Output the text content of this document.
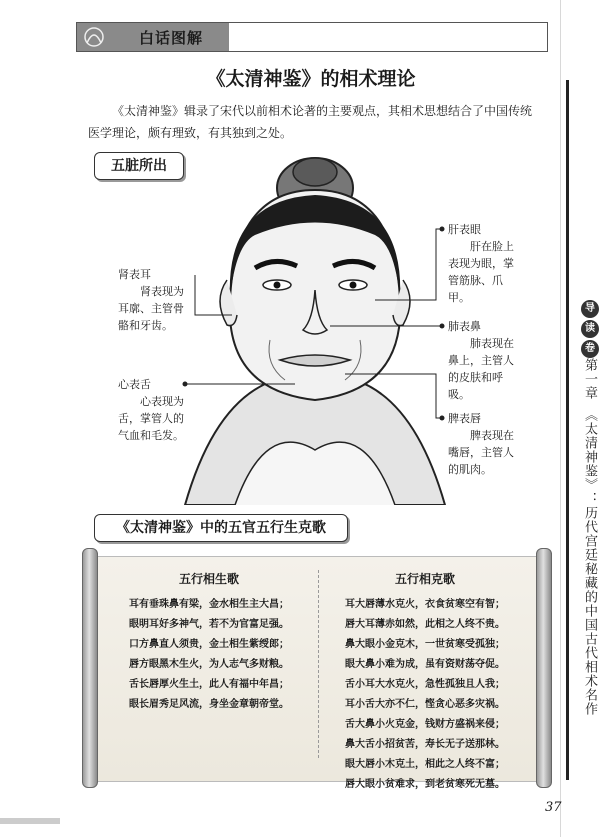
白话图解
《太清神鉴》的相术理论
《太清神鉴》辑录了宋代以前相术论著的主要观点，其相术思想结合了中国传统医学理论，颇有理致，有其独到之处。
五脏所出
肾表耳
肾表现为耳廓、主管骨骼和牙齿。
心表舌
心表现为舌，掌管人的气血和毛发。
肝表眼
肝在脸上表现为眼，掌管筋脉、爪甲。
肺表鼻
肺表现在鼻上，主管人的皮肤和呼吸。
脾表唇
脾表现在嘴唇，主管人的肌肉。
《太清神鉴》中的五官五行生克歌
五行相生歌
耳有垂珠鼻有梁，金水相生主大昌；
眼明耳好多神气，若不为官富足强。
口方鼻直人须贵，金土相生紫绶郎；
唇方眼黑木生火，为人志气多财粮。
舌长唇厚火生土，此人有福中年昌；
眼长眉秀足风流，身坐金章朝帝堂。
五行相克歌
耳大唇薄水克火，衣食贫寒空有智；
唇大耳薄赤如然，此相之人终不贵。
鼻大眼小金克木，一世贫寒受孤独；
眼大鼻小难为成，虽有资财荡夺促。
舌小耳大水克火，急性孤独且人我；
耳小舌大亦不仁，悭贪心恶多灾祸。
舌大鼻小火克金，钱财方盛祸来侵；
鼻大舌小招贫苦，寿长无子送那林。
眼大唇小木克土，相此之人终不富；
唇大眼小贫难求，到老贫寒死无墓。
导
读
卷
第一章
《太清神鉴》：历代宫廷秘藏的中国古代相术名作
37
